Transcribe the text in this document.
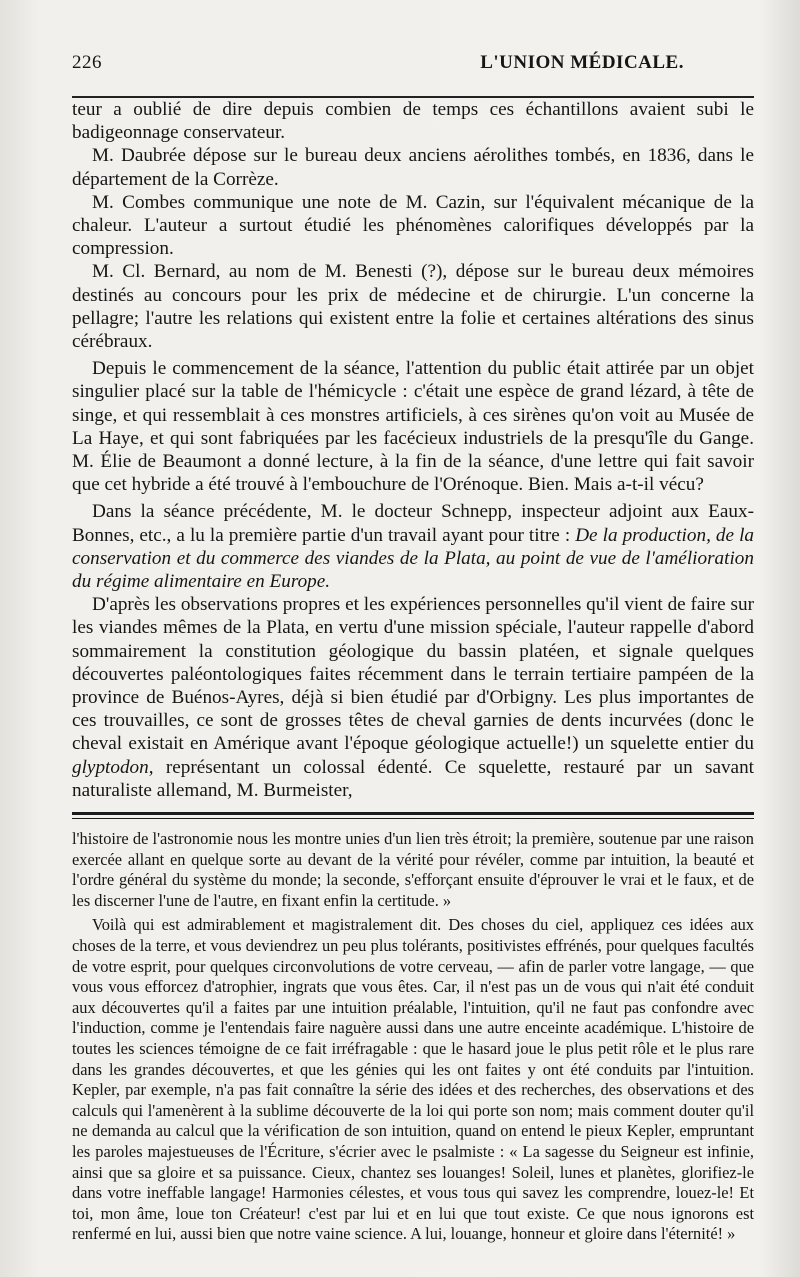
226	L'UNION MÉDICALE.

teur a oublié de dire depuis combien de temps ces échantillons avaient subi le badigeonnage conservateur.

M. Daubrée dépose sur le bureau deux anciens aérolithes tombés, en 1836, dans le département de la Corrèze.

M. Combes communique une note de M. Cazin, sur l'équivalent mécanique de la chaleur. L'auteur a surtout étudié les phénomènes calorifiques développés par la compression.

M. Cl. Bernard, au nom de M. Benesti (?), dépose sur le bureau deux mémoires destinés au concours pour les prix de médecine et de chirurgie. L'un concerne la pellagre; l'autre les relations qui existent entre la folie et certaines altérations des sinus cérébraux.

Depuis le commencement de la séance, l'attention du public était attirée par un objet singulier placé sur la table de l'hémicycle : c'était une espèce de grand lézard, à tête de singe, et qui ressemblait à ces monstres artificiels, à ces sirènes qu'on voit au Musée de La Haye, et qui sont fabriquées par les facécieux industriels de la presqu'île du Gange. M. Élie de Beaumont a donné lecture, à la fin de la séance, d'une lettre qui fait savoir que cet hybride a été trouvé à l'embouchure de l'Orénoque. Bien. Mais a-t-il vécu?

Dans la séance précédente, M. le docteur Schnepp, inspecteur adjoint aux Eaux-Bonnes, etc., a lu la première partie d'un travail ayant pour titre : De la production, de la conservation et du commerce des viandes de la Plata, au point de vue de l'amélioration du régime alimentaire en Europe.

D'après les observations propres et les expériences personnelles qu'il vient de faire sur les viandes mêmes de la Plata, en vertu d'une mission spéciale, l'auteur rappelle d'abord sommairement la constitution géologique du bassin platéen, et signale quelques découvertes paléontologiques faites récemment dans le terrain tertiaire pampéen de la province de Buénos-Ayres, déjà si bien étudié par d'Orbigny. Les plus importantes de ces trouvailles, ce sont de grosses têtes de cheval garnies de dents incurvées (donc le cheval existait en Amérique avant l'époque géologique actuelle!) un squelette entier du glyptodon, représentant un colossal édenté. Ce squelette, restauré par un savant naturaliste allemand, M. Burmeister,

l'histoire de l'astronomie nous les montre unies d'un lien très étroit; la première, soutenue par une raison exercée allant en quelque sorte au devant de la vérité pour révéler, comme par intuition, la beauté et l'ordre général du système du monde; la seconde, s'efforçant ensuite d'éprouver le vrai et le faux, et de les discerner l'une de l'autre, en fixant enfin la certitude. »

Voilà qui est admirablement et magistralement dit. Des choses du ciel, appliquez ces idées aux choses de la terre, et vous deviendrez un peu plus tolérants, positivistes effrénés, pour quelques facultés de votre esprit, pour quelques circonvolutions de votre cerveau, — afin de parler votre langage, — que vous vous efforcez d'atrophier, ingrats que vous êtes. Car, il n'est pas un de vous qui n'ait été conduit aux découvertes qu'il a faites par une intuition préalable, l'intuition, qu'il ne faut pas confondre avec l'induction, comme je l'entendais faire naguère aussi dans une autre enceinte académique. L'histoire de toutes les sciences témoigne de ce fait irréfragable : que le hasard joue le plus petit rôle et le plus rare dans les grandes découvertes, et que les génies qui les ont faites y ont été conduits par l'intuition. Kepler, par exemple, n'a pas fait connaître la série des idées et des recherches, des observations et des calculs qui l'amenèrent à la sublime découverte de la loi qui porte son nom; mais comment douter qu'il ne demanda au calcul que la vérification de son intuition, quand on entend le pieux Kepler, empruntant les paroles majestueuses de l'Écriture, s'écrier avec le psalmiste : « La sagesse du Seigneur est infinie, ainsi que sa gloire et sa puissance. Cieux, chantez ses louanges! Soleil, lunes et planètes, glorifiez-le dans votre ineffable langage! Harmonies célestes, et vous tous qui savez les comprendre, louez-le! Et toi, mon âme, loue ton Créateur! c'est par lui et en lui que tout existe. Ce que nous ignorons est renfermé en lui, aussi bien que notre vaine science. A lui, louange, honneur et gloire dans l'éternité! »
